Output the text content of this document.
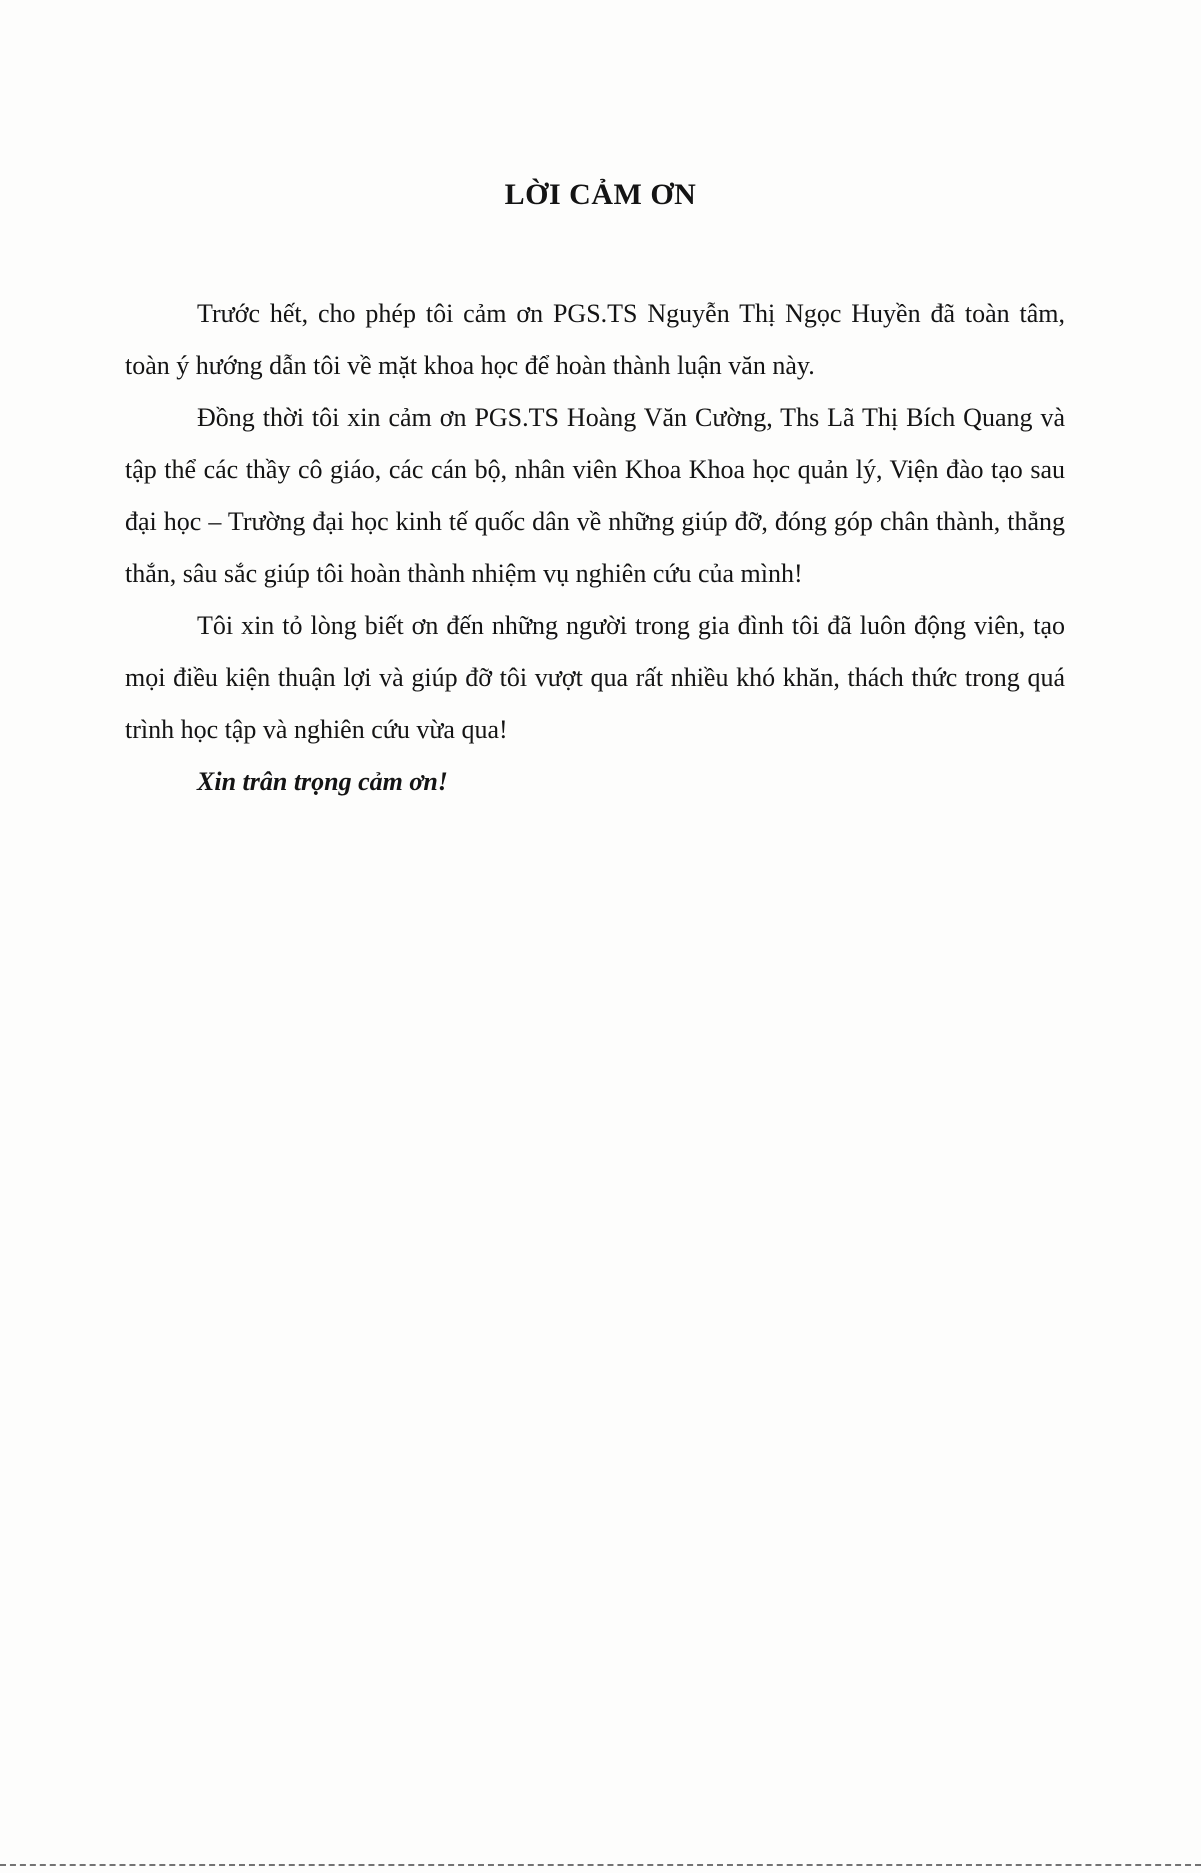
LỜI CẢM ƠN

Trước hết, cho phép tôi cảm ơn PGS.TS Nguyễn Thị Ngọc Huyền đã toàn tâm, toàn ý hướng dẫn tôi về mặt khoa học để hoàn thành luận văn này.

Đồng thời tôi xin cảm ơn PGS.TS Hoàng Văn Cường, Ths Lã Thị Bích Quang và tập thể các thầy cô giáo, các cán bộ, nhân viên Khoa Khoa học quản lý, Viện đào tạo sau đại học – Trường đại học kinh tế quốc dân về những giúp đỡ, đóng góp chân thành, thẳng thắn, sâu sắc giúp tôi hoàn thành nhiệm vụ nghiên cứu của mình!

Tôi xin tỏ lòng biết ơn đến những người trong gia đình tôi đã luôn động viên, tạo mọi điều kiện thuận lợi và giúp đỡ tôi vượt qua rất nhiều khó khăn, thách thức trong quá trình học tập và nghiên cứu vừa qua!

Xin trân trọng cảm ơn!
